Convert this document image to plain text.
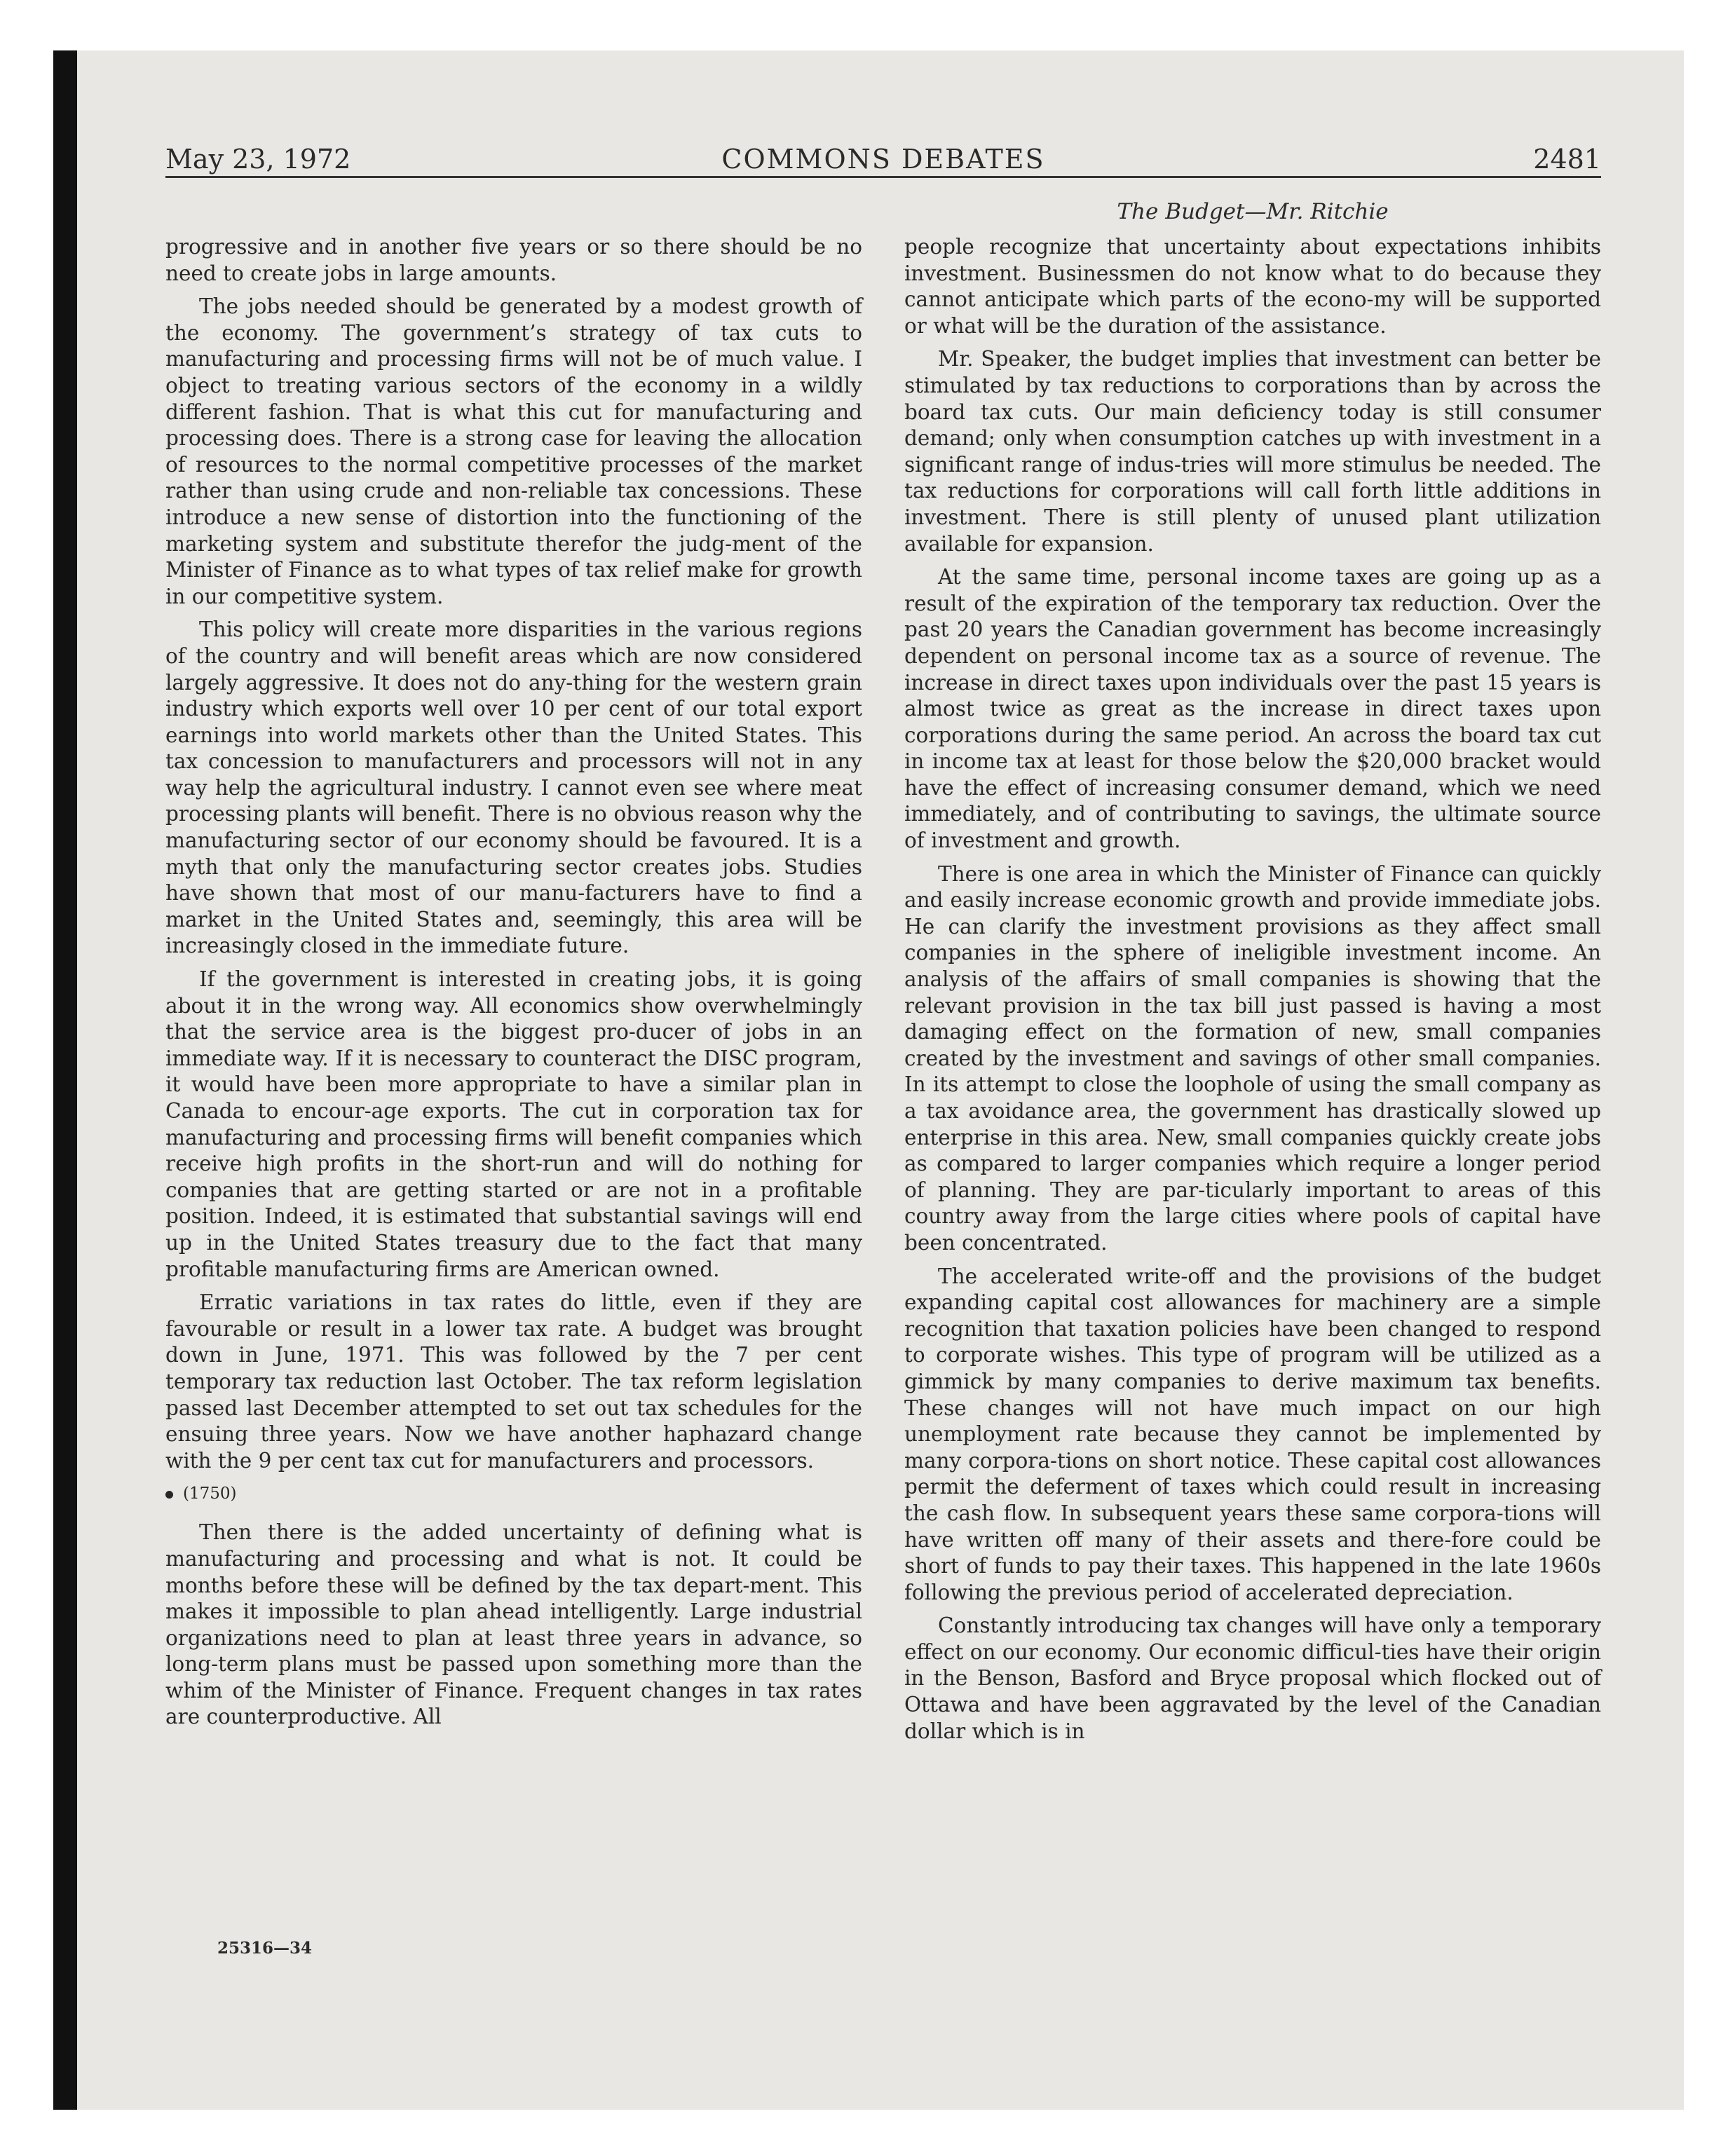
May 23, 1972	COMMONS DEBATES	2481
The Budget—Mr. Ritchie

progressive and in another five years or so there should be no need to create jobs in large amounts.

The jobs needed should be generated by a modest growth of the economy. The government’s strategy of tax cuts to manufacturing and processing firms will not be of much value. I object to treating various sectors of the economy in a wildly different fashion. That is what this cut for manufacturing and processing does. There is a strong case for leaving the allocation of resources to the normal competitive processes of the market rather than using crude and non-reliable tax concessions. These introduce a new sense of distortion into the functioning of the marketing system and substitute therefor the judg-ment of the Minister of Finance as to what types of tax relief make for growth in our competitive system.

This policy will create more disparities in the various regions of the country and will benefit areas which are now considered largely aggressive. It does not do any-thing for the western grain industry which exports well over 10 per cent of our total export earnings into world markets other than the United States. This tax concession to manufacturers and processors will not in any way help the agricultural industry. I cannot even see where meat processing plants will benefit. There is no obvious reason why the manufacturing sector of our economy should be favoured. It is a myth that only the manufacturing sector creates jobs. Studies have shown that most of our manu-facturers have to find a market in the United States and, seemingly, this area will be increasingly closed in the immediate future.

If the government is interested in creating jobs, it is going about it in the wrong way. All economics show overwhelmingly that the service area is the biggest pro-ducer of jobs in an immediate way. If it is necessary to counteract the DISC program, it would have been more appropriate to have a similar plan in Canada to encour-age exports. The cut in corporation tax for manufacturing and processing firms will benefit companies which receive high profits in the short-run and will do nothing for companies that are getting started or are not in a profitable position. Indeed, it is estimated that substantial savings will end up in the United States treasury due to the fact that many profitable manufacturing firms are American owned.

Erratic variations in tax rates do little, even if they are favourable or result in a lower tax rate. A budget was brought down in June, 1971. This was followed by the 7 per cent temporary tax reduction last October. The tax reform legislation passed last December attempted to set out tax schedules for the ensuing three years. Now we have another haphazard change with the 9 per cent tax cut for manufacturers and processors.

(1750)

Then there is the added uncertainty of defining what is manufacturing and processing and what is not. It could be months before these will be defined by the tax depart-ment. This makes it impossible to plan ahead intelligently. Large industrial organizations need to plan at least three years in advance, so long-term plans must be passed upon something more than the whim of the Minister of Finance. Frequent changes in tax rates are counterproductive. All

people recognize that uncertainty about expectations inhibits investment. Businessmen do not know what to do because they cannot anticipate which parts of the econo-my will be supported or what will be the duration of the assistance.

Mr. Speaker, the budget implies that investment can better be stimulated by tax reductions to corporations than by across the board tax cuts. Our main deficiency today is still consumer demand; only when consumption catches up with investment in a significant range of indus-tries will more stimulus be needed. The tax reductions for corporations will call forth little additions in investment. There is still plenty of unused plant utilization available for expansion.

At the same time, personal income taxes are going up as a result of the expiration of the temporary tax reduction. Over the past 20 years the Canadian government has become increasingly dependent on personal income tax as a source of revenue. The increase in direct taxes upon individuals over the past 15 years is almost twice as great as the increase in direct taxes upon corporations during the same period. An across the board tax cut in income tax at least for those below the $20,000 bracket would have the effect of increasing consumer demand, which we need immediately, and of contributing to savings, the ultimate source of investment and growth.

There is one area in which the Minister of Finance can quickly and easily increase economic growth and provide immediate jobs. He can clarify the investment provisions as they affect small companies in the sphere of ineligible investment income. An analysis of the affairs of small companies is showing that the relevant provision in the tax bill just passed is having a most damaging effect on the formation of new, small companies created by the investment and savings of other small companies. In its attempt to close the loophole of using the small company as a tax avoidance area, the government has drastically slowed up enterprise in this area. New, small companies quickly create jobs as compared to larger companies which require a longer period of planning. They are par-ticularly important to areas of this country away from the large cities where pools of capital have been concentrated.

The accelerated write-off and the provisions of the budget expanding capital cost allowances for machinery are a simple recognition that taxation policies have been changed to respond to corporate wishes. This type of program will be utilized as a gimmick by many companies to derive maximum tax benefits. These changes will not have much impact on our high unemployment rate because they cannot be implemented by many corpora-tions on short notice. These capital cost allowances permit the deferment of taxes which could result in increasing the cash flow. In subsequent years these same corpora-tions will have written off many of their assets and there-fore could be short of funds to pay their taxes. This happened in the late 1960s following the previous period of accelerated depreciation.

Constantly introducing tax changes will have only a temporary effect on our economy. Our economic difficul-ties have their origin in the Benson, Basford and Bryce proposal which flocked out of Ottawa and have been aggravated by the level of the Canadian dollar which is in

25316—34
